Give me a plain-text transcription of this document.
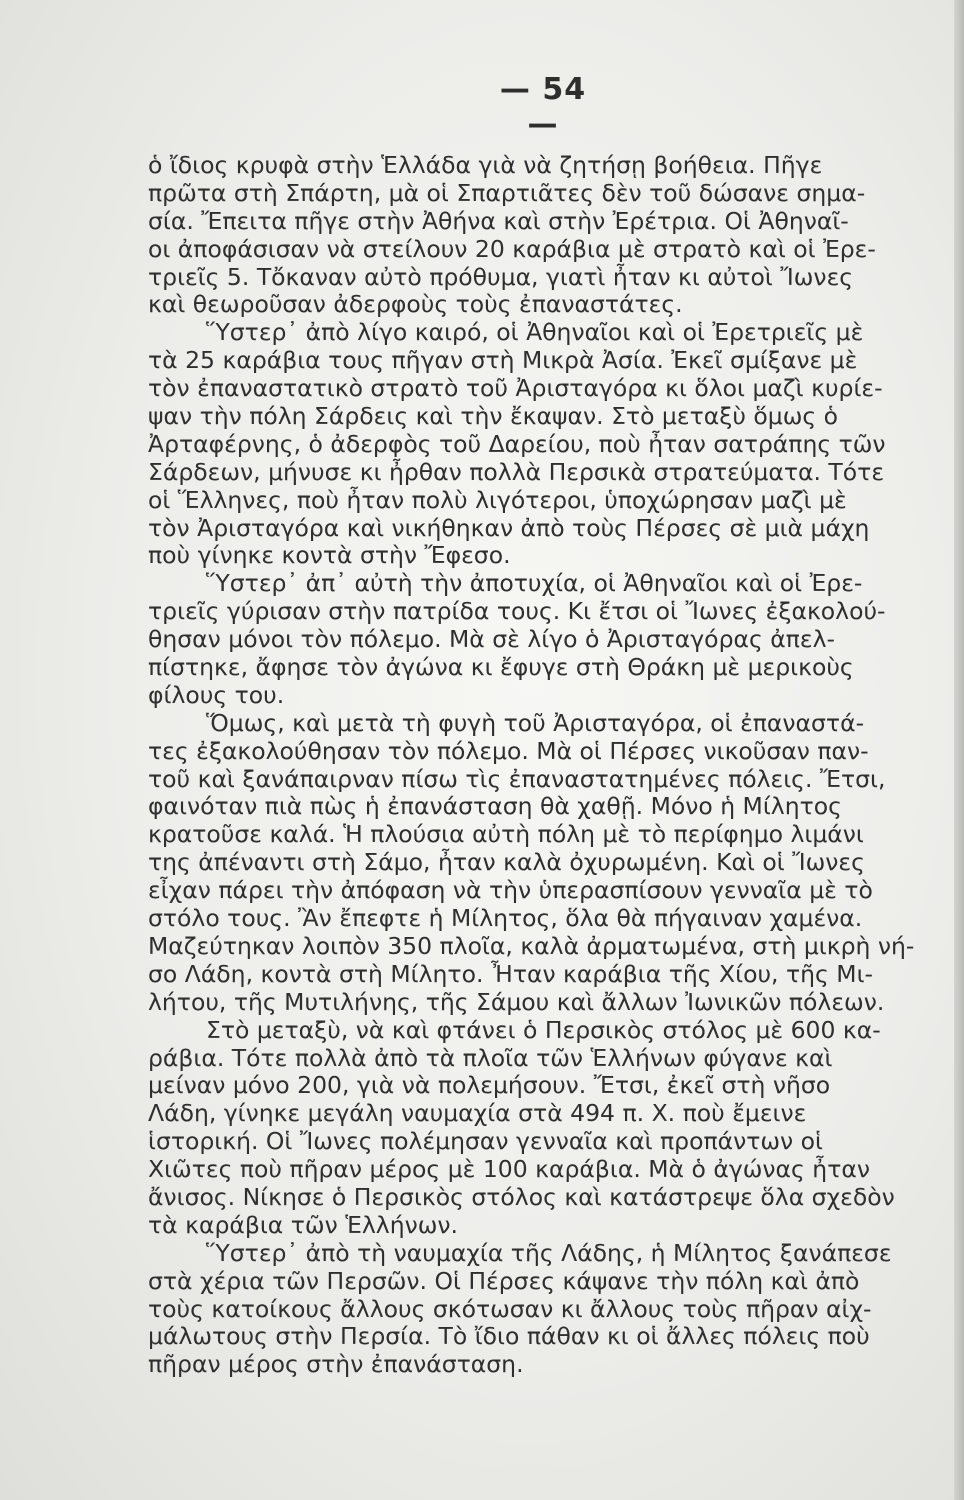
— 54 —
ὁ ἴδιος κρυφὰ στὴν Ἑλλάδα γιὰ νὰ ζητήσῃ βοήθεια. Πῆγε
πρῶτα στὴ Σπάρτη, μὰ οἱ Σπαρτιᾶτες δὲν τοῦ δώσανε σημα-
σία. Ἔπειτα πῆγε στὴν Ἀθήνα καὶ στὴν Ἐρέτρια. Οἱ Ἀθηναῖ-
οι ἀποφάσισαν νὰ στείλουν 20 καράβια μὲ στρατὸ καὶ οἱ Ἐρε-
τριεῖς 5. Τὄκαναν αὐτὸ πρόθυμα, γιατὶ ἦταν κι αὐτοὶ Ἴωνες
καὶ θεωροῦσαν ἀδερφοὺς τοὺς ἐπαναστάτες.
Ὕστερ᾽ ἀπὸ λίγο καιρό, οἱ Ἀθηναῖοι καὶ οἱ Ἐρετριεῖς μὲ
τὰ 25 καράβια τους πῆγαν στὴ Μικρὰ Ἀσία. Ἐκεῖ σμίξανε μὲ
τὸν ἐπαναστατικὸ στρατὸ τοῦ Ἀρισταγόρα κι ὅλοι μαζὶ κυρίε-
ψαν τὴν πόλη Σάρδεις καὶ τὴν ἔκαψαν. Στὸ μεταξὺ ὅμως ὁ
Ἀρταφέρνης, ὁ ἀδερφὸς τοῦ Δαρείου, ποὺ ἦταν σατράπης τῶν
Σάρδεων, μήνυσε κι ἦρθαν πολλὰ Περσικὰ στρατεύματα. Τότε
οἱ Ἕλληνες, ποὺ ἦταν πολὺ λιγότεροι, ὑποχώρησαν μαζὶ μὲ
τὸν Ἀρισταγόρα καὶ νικήθηκαν ἀπὸ τοὺς Πέρσες σὲ μιὰ μάχη
ποὺ γίνηκε κοντὰ στὴν Ἔφεσο.
Ὕστερ᾽ ἀπ᾽ αὐτὴ τὴν ἀποτυχία, οἱ Ἀθηναῖοι καὶ οἱ Ἐρε-
τριεῖς γύρισαν στὴν πατρίδα τους. Κι ἔτσι οἱ Ἴωνες ἐξακολού-
θησαν μόνοι τὸν πόλεμο. Μὰ σὲ λίγο ὁ Ἀρισταγόρας ἀπελ-
πίστηκε, ἄφησε τὸν ἀγώνα κι ἔφυγε στὴ Θράκη μὲ μερικοὺς
φίλους του.
Ὅμως, καὶ μετὰ τὴ φυγὴ τοῦ Ἀρισταγόρα, οἱ ἐπαναστά-
τες ἐξακολούθησαν τὸν πόλεμο. Μὰ οἱ Πέρσες νικοῦσαν παν-
τοῦ καὶ ξανάπαιρναν πίσω τὶς ἐπαναστατημένες πόλεις. Ἔτσι,
φαινόταν πιὰ πὼς ἡ ἐπανάσταση θὰ χαθῇ. Μόνο ἡ Μίλητος
κρατοῦσε καλά. Ἡ πλούσια αὐτὴ πόλη μὲ τὸ περίφημο λιμάνι
της ἀπέναντι στὴ Σάμο, ἦταν καλὰ ὀχυρωμένη. Καὶ οἱ Ἴωνες
εἶχαν πάρει τὴν ἀπόφαση νὰ τὴν ὑπερασπίσουν γενναῖα μὲ τὸ
στόλο τους. Ἂν ἔπεφτε ἡ Μίλητος, ὅλα θὰ πήγαιναν χαμένα.
Μαζεύτηκαν λοιπὸν 350 πλοῖα, καλὰ ἀρματωμένα, στὴ μικρὴ νή-
σο Λάδη, κοντὰ στὴ Μίλητο. Ἦταν καράβια τῆς Χίου, τῆς Μι-
λήτου, τῆς Μυτιλήνης, τῆς Σάμου καὶ ἄλλων Ἰωνικῶν πόλεων.
Στὸ μεταξὺ, νὰ καὶ φτάνει ὁ Περσικὸς στόλος μὲ 600 κα-
ράβια. Τότε πολλὰ ἀπὸ τὰ πλοῖα τῶν Ἑλλήνων φύγανε καὶ
μείναν μόνο 200, γιὰ νὰ πολεμήσουν. Ἔτσι, ἐκεῖ στὴ νῆσο
Λάδη, γίνηκε μεγάλη ναυμαχία στὰ 494 π. Χ. ποὺ ἔμεινε
ἱστορική. Οἱ Ἴωνες πολέμησαν γενναῖα καὶ προπάντων οἱ
Χιῶτες ποὺ πῆραν μέρος μὲ 100 καράβια. Μὰ ὁ ἀγώνας ἦταν
ἄνισος. Νίκησε ὁ Περσικὸς στόλος καὶ κατάστρεψε ὅλα σχεδὸν
τὰ καράβια τῶν Ἑλλήνων.
Ὕστερ᾽ ἀπὸ τὴ ναυμαχία τῆς Λάδης, ἡ Μίλητος ξανάπεσε
στὰ χέρια τῶν Περσῶν. Οἱ Πέρσες κάψανε τὴν πόλη καὶ ἀπὸ
τοὺς κατοίκους ἄλλους σκότωσαν κι ἄλλους τοὺς πῆραν αἰχ-
μάλωτους στὴν Περσία. Τὸ ἴδιο πάθαν κι οἱ ἄλλες πόλεις ποὺ
πῆραν μέρος στὴν ἐπανάσταση.
